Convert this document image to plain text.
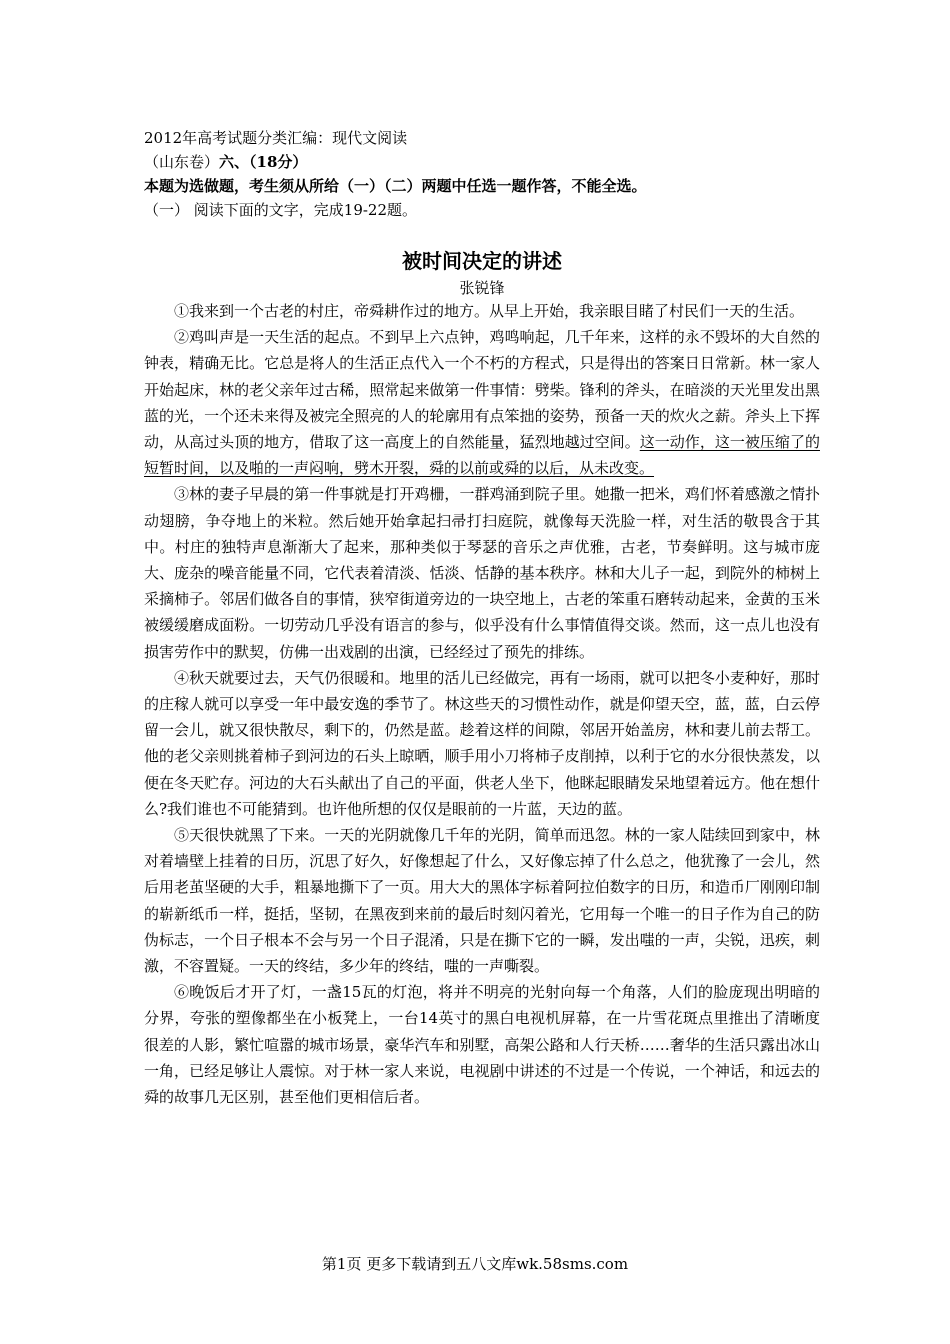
2012年高考试题分类汇编：现代文阅读
（山东卷）六、（18分）
本题为选做题，考生须从所给（一）（二）两题中任选一题作答，不能全选。
（一） 阅读下面的文字，完成19-22题。
被时间决定的讲述
张锐锋

①我来到一个古老的村庄，帝舜耕作过的地方。从早上开始，我亲眼目睹了村民们一天的生活。

②鸡叫声是一天生活的起点。不到早上六点钟，鸡鸣响起，几千年来，这样的永不毁坏的大自然的钟表，精确无比。它总是将人的生活正点代入一个不朽的方程式，只是得出的答案日日常新。林一家人开始起床，林的老父亲年过古稀，照常起来做第一件事情：劈柴。锋利的斧头，在暗淡的天光里发出黑蓝的光，一个还未来得及被完全照亮的人的轮廓用有点笨拙的姿势，预备一天的炊火之薪。斧头上下挥动，从高过头顶的地方，借取了这一高度上的自然能量，猛烈地越过空间。这一动作，这一被压缩了的短暂时间，以及啪的一声闷响，劈木开裂，舜的以前或舜的以后，从未改变。

③林的妻子早晨的第一件事就是打开鸡栅，一群鸡涌到院子里。她撒一把米，鸡们怀着感激之情扑动翅膀，争夺地上的米粒。然后她开始拿起扫帚打扫庭院，就像每天洗脸一样，对生活的敬畏含于其中。村庄的独特声息渐渐大了起来，那种类似于琴瑟的音乐之声优雅，古老，节奏鲜明。这与城市庞大、庞杂的噪音能量不同，它代表着清淡、恬淡、恬静的基本秩序。林和大儿子一起，到院外的柿树上采摘柿子。邻居们做各自的事情，狭窄街道旁边的一块空地上，古老的笨重石磨转动起来，金黄的玉米被缓缓磨成面粉。一切劳动几乎没有语言的参与，似乎没有什么事情值得交谈。然而，这一点儿也没有损害劳作中的默契，仿佛一出戏剧的出演，已经经过了预先的排练。

④秋天就要过去，天气仍很暖和。地里的活儿已经做完，再有一场雨，就可以把冬小麦种好，那时的庄稼人就可以享受一年中最安逸的季节了。林这些天的习惯性动作，就是仰望天空，蓝，蓝，白云停留一会儿，就又很快散尽，剩下的，仍然是蓝。趁着这样的间隙，邻居开始盖房，林和妻儿前去帮工。他的老父亲则挑着柿子到河边的石头上晾晒，顺手用小刀将柿子皮削掉，以利于它的水分很快蒸发，以便在冬天贮存。河边的大石头献出了自己的平面，供老人坐下，他眯起眼睛发呆地望着远方。他在想什么?我们谁也不可能猜到。也许他所想的仅仅是眼前的一片蓝，天边的蓝。

⑤天很快就黑了下来。一天的光阴就像几千年的光阴，简单而迅忽。林的一家人陆续回到家中，林对着墙壁上挂着的日历，沉思了好久，好像想起了什么，又好像忘掉了什么总之，他犹豫了一会儿，然后用老茧坚硬的大手，粗暴地撕下了一页。用大大的黑体字标着阿拉伯数字的日历，和造币厂刚刚印制的崭新纸币一样，挺括，坚韧，在黑夜到来前的最后时刻闪着光，它用每一个唯一的日子作为自己的防伪标志，一个日子根本不会与另一个日子混淆，只是在撕下它的一瞬，发出嗤的一声，尖锐，迅疾，刺激，不容置疑。一天的终结，多少年的终结，嗤的一声嘶裂。

⑥晚饭后才开了灯，一盏15瓦的灯泡，将并不明亮的光射向每一个角落，人们的脸庞现出明暗的分界，夸张的塑像都坐在小板凳上，一台14英寸的黑白电视机屏幕，在一片雪花斑点里推出了清晰度很差的人影，繁忙喧嚣的城市场景，豪华汽车和别墅，高架公路和人行天桥……奢华的生活只露出冰山一角，已经足够让人震惊。对于林一家人来说，电视剧中讲述的不过是一个传说，一个神话，和远去的舜的故事几无区别，甚至他们更相信后者。

第1页 更多下载请到五八文库wk.58sms.com
